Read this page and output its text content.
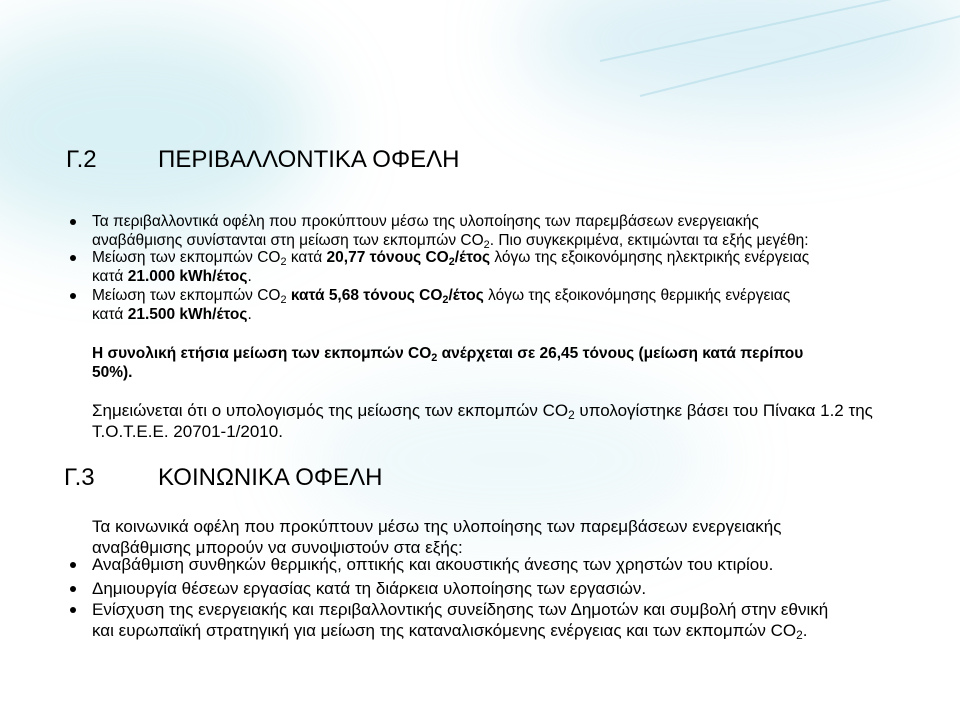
Γ.2	ΠΕΡΙΒΑΛΛΟΝΤΙΚΑ ΟΦΕΛΗ
Τα περιβαλλοντικά οφέλη που προκύπτουν μέσω της υλοποίησης των παρεμβάσεων ενεργειακής
αναβάθμισης συνίστανται στη μείωση των εκπομπών $CO_2$. Πιο συγκεκριμένα, εκτιμώνται τα εξής μεγέθη:
Μείωση των εκπομπών $CO_2$ κατά 20,77 τόνους $CO_2$/έτος λόγω της εξοικονόμησης ηλεκτρικής ενέργειας
κατά 21.000 kWh/έτος.
Μείωση των εκπομπών $CO_2$ κατά 5,68 τόνους $CO_2$/έτος λόγω της εξοικονόμησης θερμικής ενέργειας
κατά 21.500 kWh/έτος.
Η συνολική ετήσια μείωση των εκπομπών $CO_2$ ανέρχεται σε 26,45 τόνους (μείωση κατά περίπου
50%).
Σημειώνεται ότι ο υπολογισμός της μείωσης των εκπομπών $CO_2$ υπολογίστηκε βάσει του Πίνακα 1.2 της
Τ.Ο.Τ.Ε.Ε. 20701-1/2010.
Γ.3	ΚΟΙΝΩΝΙΚΑ ΟΦΕΛΗ
Τα κοινωνικά οφέλη που προκύπτουν μέσω της υλοποίησης των παρεμβάσεων ενεργειακής
αναβάθμισης μπορούν να συνοψιστούν στα εξής:
Αναβάθμιση συνθηκών θερμικής, οπτικής και ακουστικής άνεσης των χρηστών του κτιρίου.
Δημιουργία θέσεων εργασίας κατά τη διάρκεια υλοποίησης των εργασιών.
Ενίσχυση της ενεργειακής και περιβαλλοντικής συνείδησης των Δημοτών και συμβολή στην εθνική
και ευρωπαϊκή στρατηγική για μείωση της καταναλισκόμενης ενέργειας και των εκπομπών $CO_2$.
